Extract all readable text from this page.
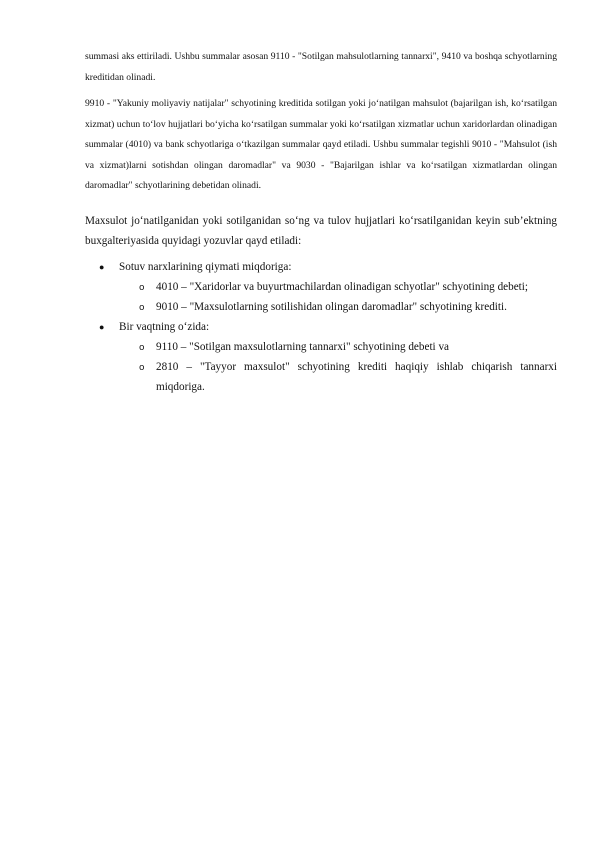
summasi aks ettiriladi. Ushbu summalar asosan 9110 - "Sotilgan mahsulotlarning tannarxi", 9410 va boshqa schyotlarning kreditidan olinadi.

9910 - "Yakuniy moliyaviy natijalar" schyotining kreditida sotilgan yoki jo‘natilgan mahsulot (bajarilgan ish, ko‘rsatilgan xizmat) uchun to‘lov hujjatlari bo‘yicha ko‘rsatilgan summalar yoki ko‘rsatilgan xizmatlar uchun xaridorlardan olinadigan summalar (4010) va bank schyotlariga o‘tkazilgan summalar qayd etiladi. Ushbu summalar tegishli 9010 - "Mahsulot (ish va xizmat)larni sotishdan olingan daromadlar" va 9030 - "Bajarilgan ishlar va ko‘rsatilgan xizmatlardan olingan daromadlar" schyotlarining debetidan olinadi.

Maxsulot jo‘natilganidan yoki sotilganidan so‘ng va tulov hujjatlari ko‘rsatilganidan keyin sub’ektning buxgalteriyasida quyidagi yozuvlar qayd etiladi:

● Sotuv narxlarining qiymati miqdoriga:
o 4010 – "Xaridorlar va buyurtmachilardan olinadigan schyotlar" schyotining debeti;
o 9010 – "Maxsulotlarning sotilishidan olingan daromadlar" schyotining krediti.
● Bir vaqtning o‘zida:
o 9110 – "Sotilgan maxsulotlarning tannarxi" schyotining debeti va
o 2810 – "Tayyor maxsulot" schyotining krediti haqiqiy ishlab chiqarish tannarxi miqdoriga.
